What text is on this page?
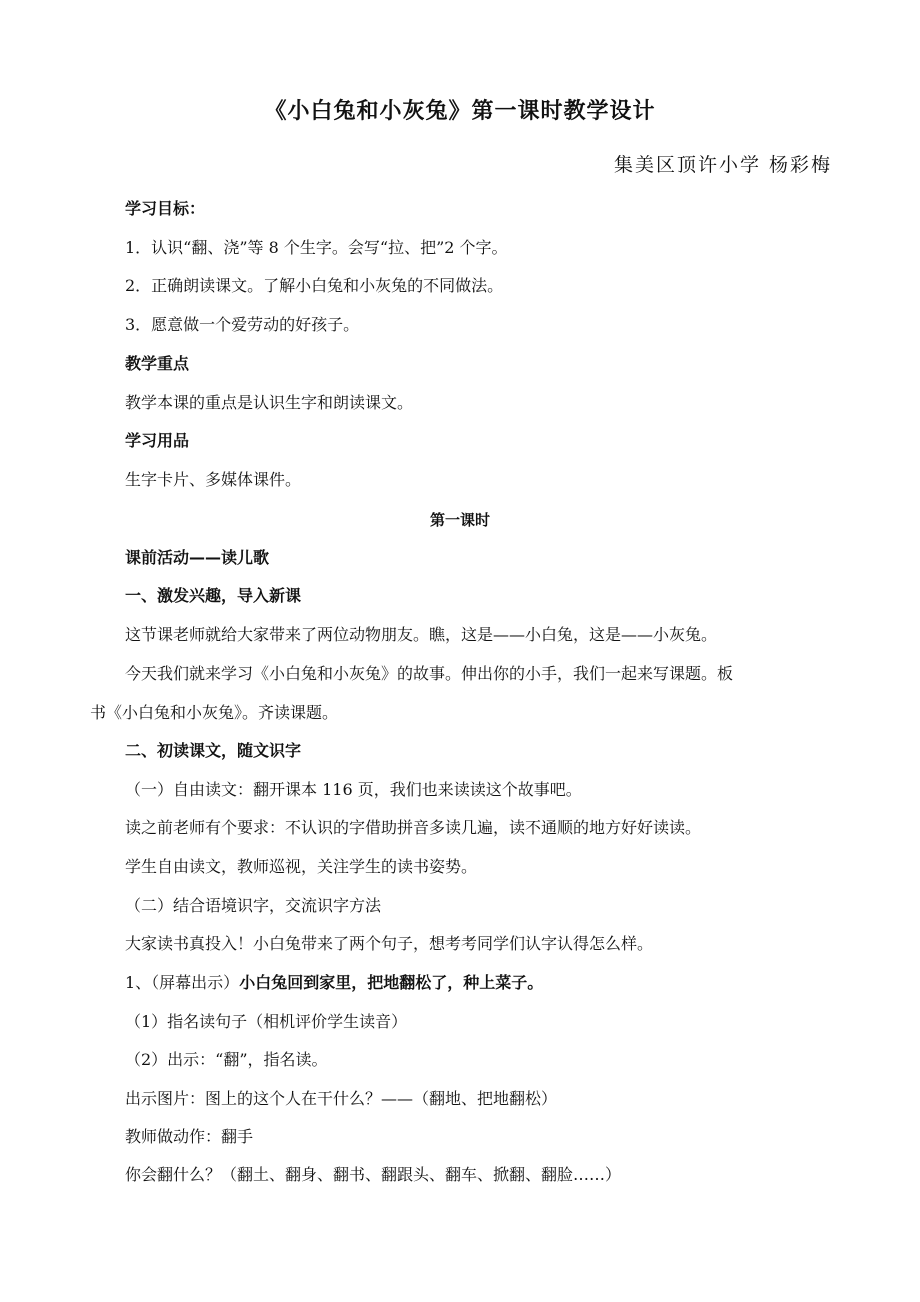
《小白兔和小灰兔》第一课时教学设计
集美区顶许小学 杨彩梅
学习目标：
1．认识“翻、浇”等 8 个生字。会写“拉、把”2 个字。
2．正确朗读课文。了解小白兔和小灰兔的不同做法。
3．愿意做一个爱劳动的好孩子。
教学重点
教学本课的重点是认识生字和朗读课文。
学习用品
生字卡片、多媒体课件。
第一课时
课前活动——读儿歌
一、激发兴趣，导入新课
这节课老师就给大家带来了两位动物朋友。瞧，这是——小白兔，这是——小灰兔。
今天我们就来学习《小白兔和小灰兔》的故事。伸出你的小手，我们一起来写课题。板
书《小白兔和小灰兔》。齐读课题。
二、初读课文，随文识字
（一）自由读文：翻开课本 116 页，我们也来读读这个故事吧。
读之前老师有个要求：不认识的字借助拼音多读几遍，读不通顺的地方好好读读。
学生自由读文，教师巡视，关注学生的读书姿势。
（二）结合语境识字，交流识字方法
大家读书真投入！小白兔带来了两个句子，想考考同学们认字认得怎么样。
1、（屏幕出示）小白兔回到家里，把地翻松了，种上菜子。
（1）指名读句子（相机评价学生读音）
（2）出示：“翻”，指名读。
出示图片：图上的这个人在干什么？——（翻地、把地翻松）
教师做动作：翻手
你会翻什么？（翻土、翻身、翻书、翻跟头、翻车、掀翻、翻脸……）
